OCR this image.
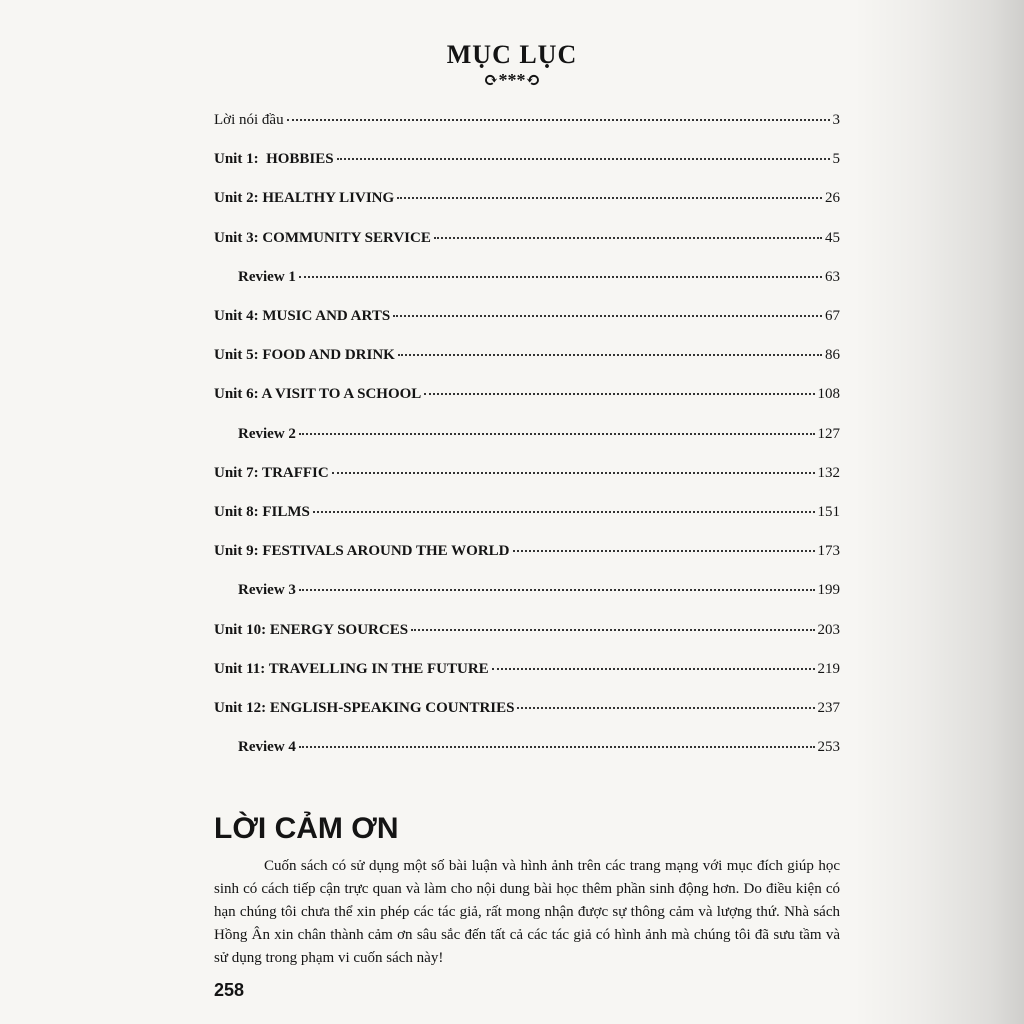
MỤC LỤC
⟳***⟲
Lời nói đầu	3
Unit 1:  HOBBIES	5
Unit 2: HEALTHY LIVING	26
Unit 3: COMMUNITY SERVICE	45
Review 1	63
Unit 4: MUSIC AND ARTS	67
Unit 5: FOOD AND DRINK	86
Unit 6: A VISIT TO A SCHOOL	108
Review 2	127
Unit 7: TRAFFIC	132
Unit 8: FILMS	151
Unit 9: FESTIVALS AROUND THE WORLD	173
Review 3	199
Unit 10: ENERGY SOURCES	203
Unit 11: TRAVELLING IN THE FUTURE	219
Unit 12: ENGLISH-SPEAKING COUNTRIES	237
Review 4	253
LỜI CẢM ƠN
Cuốn sách có sử dụng một số bài luận và hình ảnh trên các trang mạng với mục đích giúp học sinh có cách tiếp cận trực quan và làm cho nội dung bài học thêm phần sinh động hơn. Do điều kiện có hạn chúng tôi chưa thể xin phép các tác giả, rất mong nhận được sự thông cảm và lượng thứ. Nhà sách Hồng Ân xin chân thành cảm ơn sâu sắc đến tất cả các tác giả có hình ảnh mà chúng tôi đã sưu tầm và sử dụng trong phạm vi cuốn sách này!
258
